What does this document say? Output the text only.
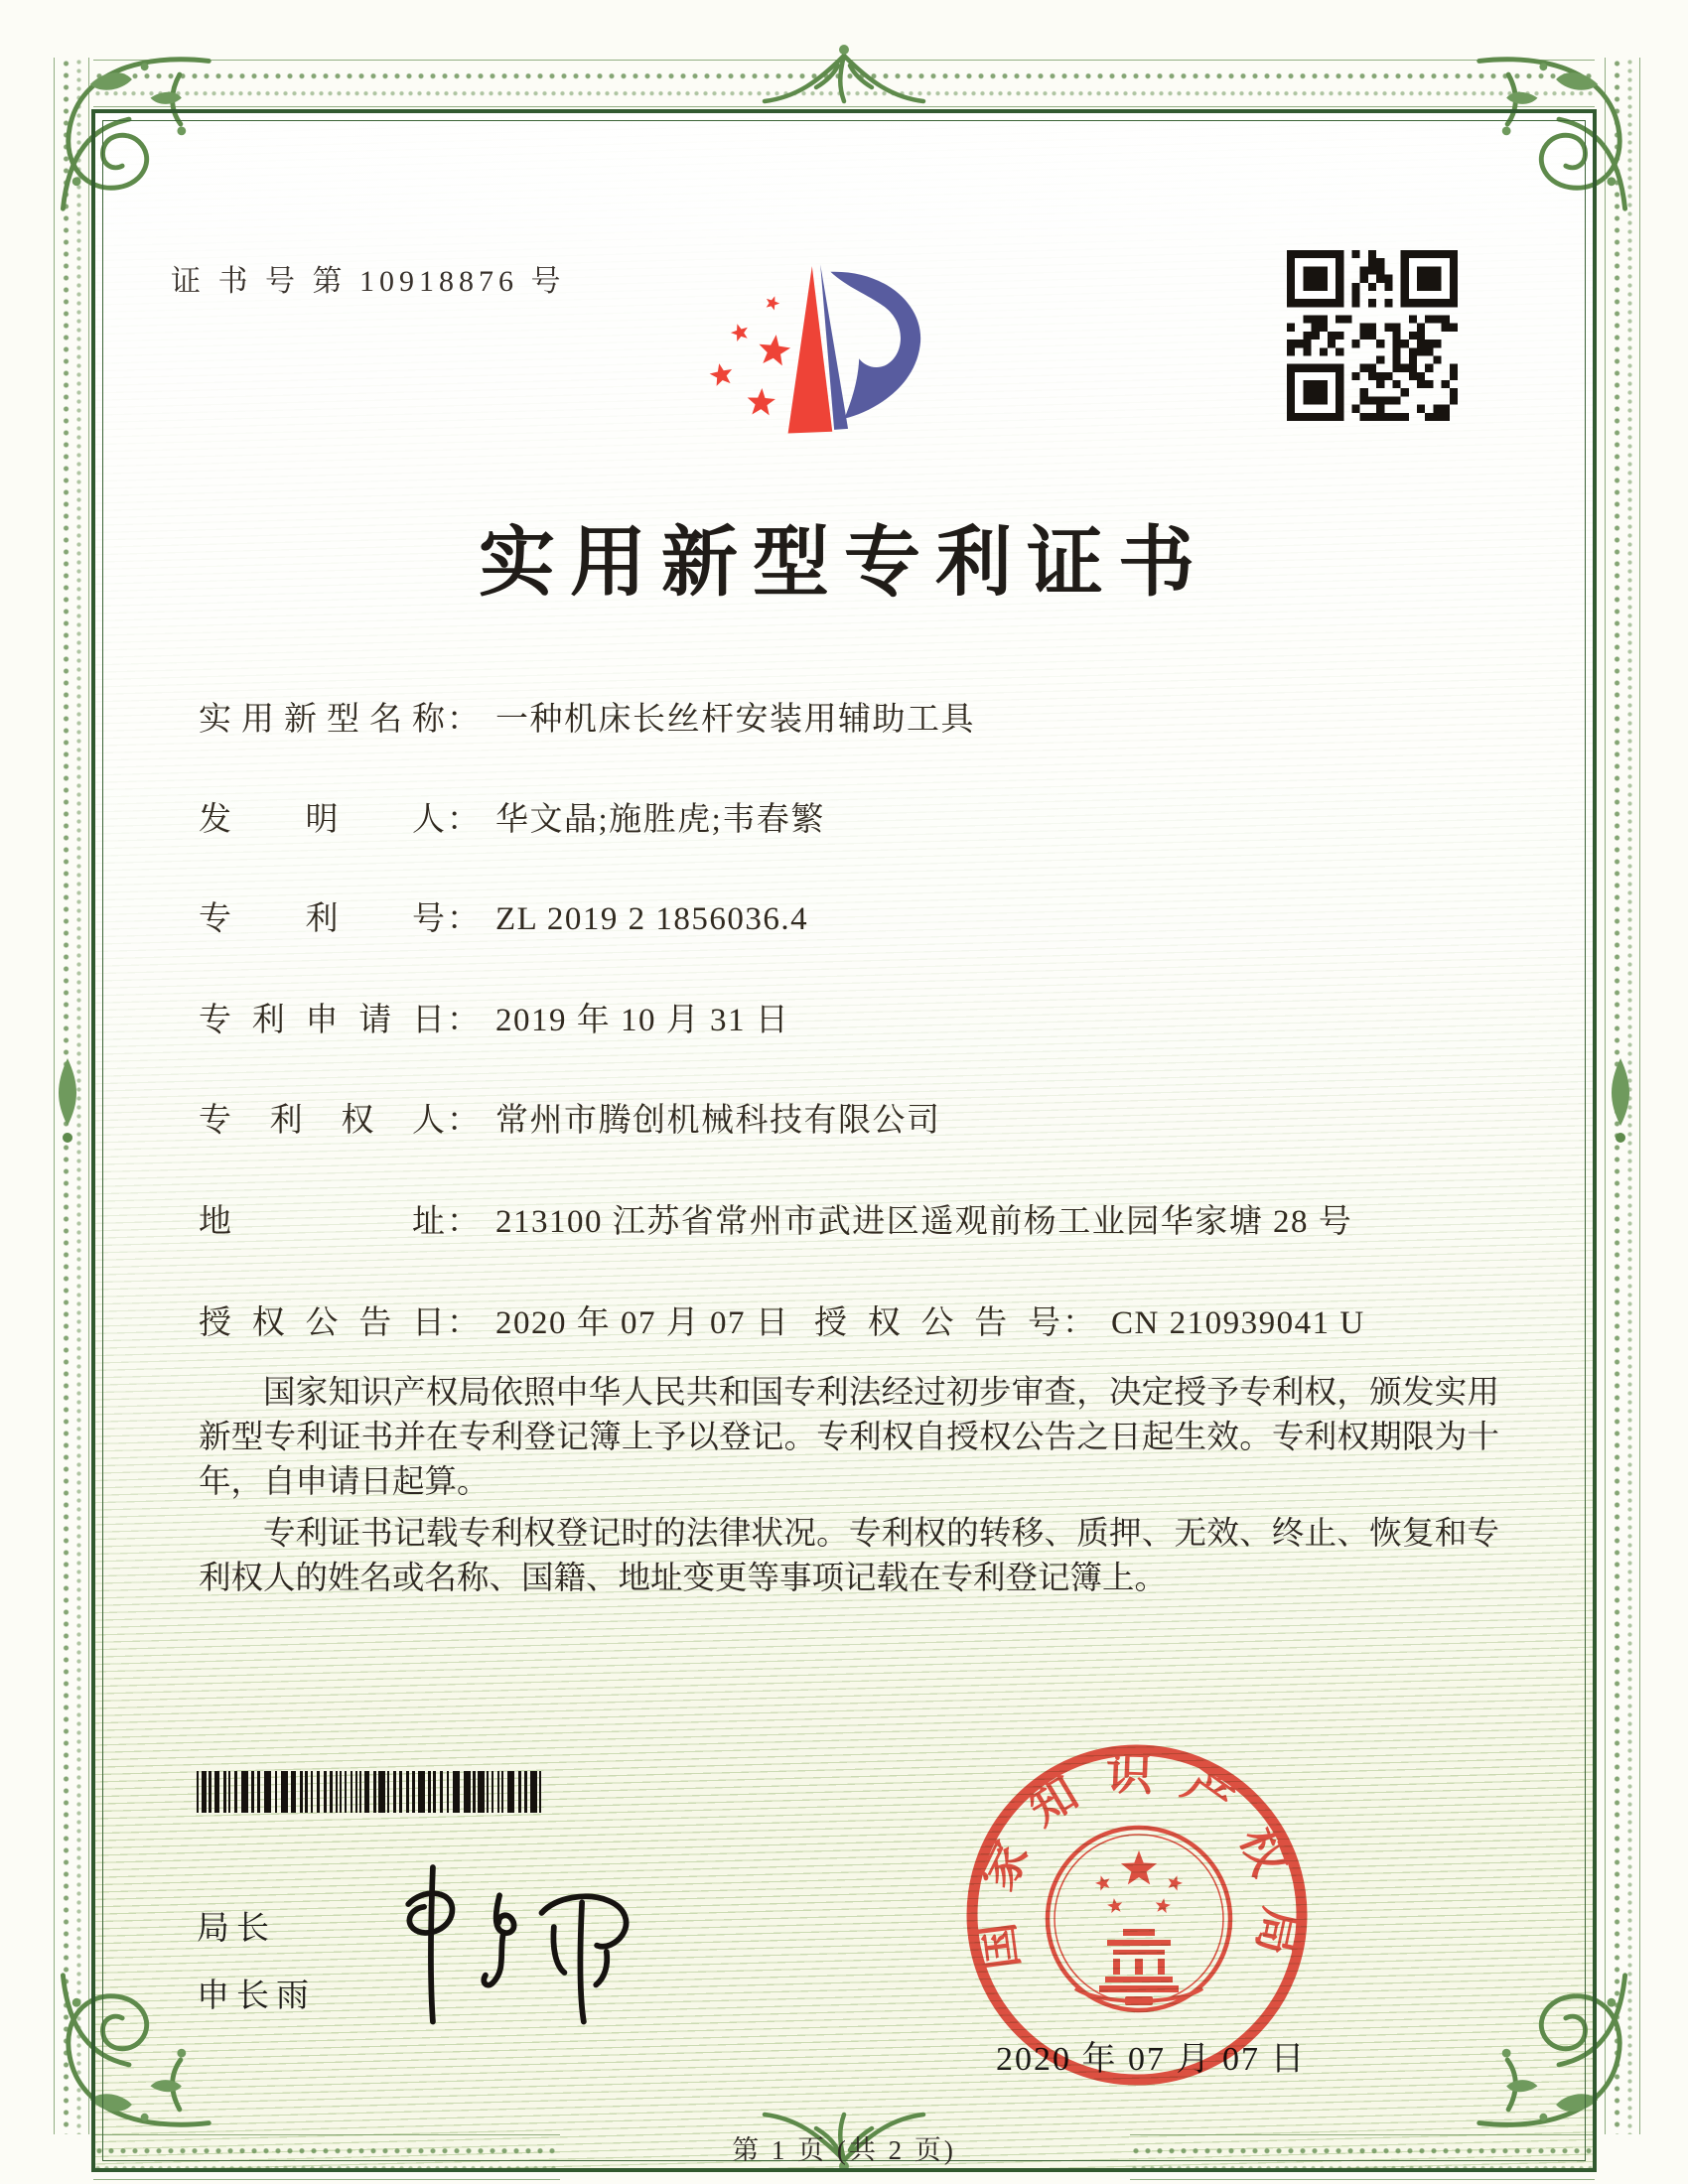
证 书 号 第 10918876 号
实用新型专利证书
实用新型名称： 一种机床长丝杆安装用辅助工具
发明人： 华文晶;施胜虎;韦春繁
专利号： ZL 2019 2 1856036.4
专利申请日： 2019 年 10 月 31 日
专利权人： 常州市腾创机械科技有限公司
地址： 213100 江苏省常州市武进区遥观前杨工业园华家塘 28 号
授权公告日： 2020 年 07 月 07 日 授权公告号： CN 210939041 U

国家知识产权局依照中华人民共和国专利法经过初步审查，决定授予专利权，颁发实用新型专利证书并在专利登记簿上予以登记。专利权自授权公告之日起生效。专利权期限为十年，自申请日起算。

专利证书记载专利权登记时的法律状况。专利权的转移、质押、无效、终止、恢复和专利权人的姓名或名称、国籍、地址变更等事项记载在专利登记簿上。

局长
申长雨
国家知识产权局
2020 年 07 月 07 日
第 1 页 (共 2 页)
